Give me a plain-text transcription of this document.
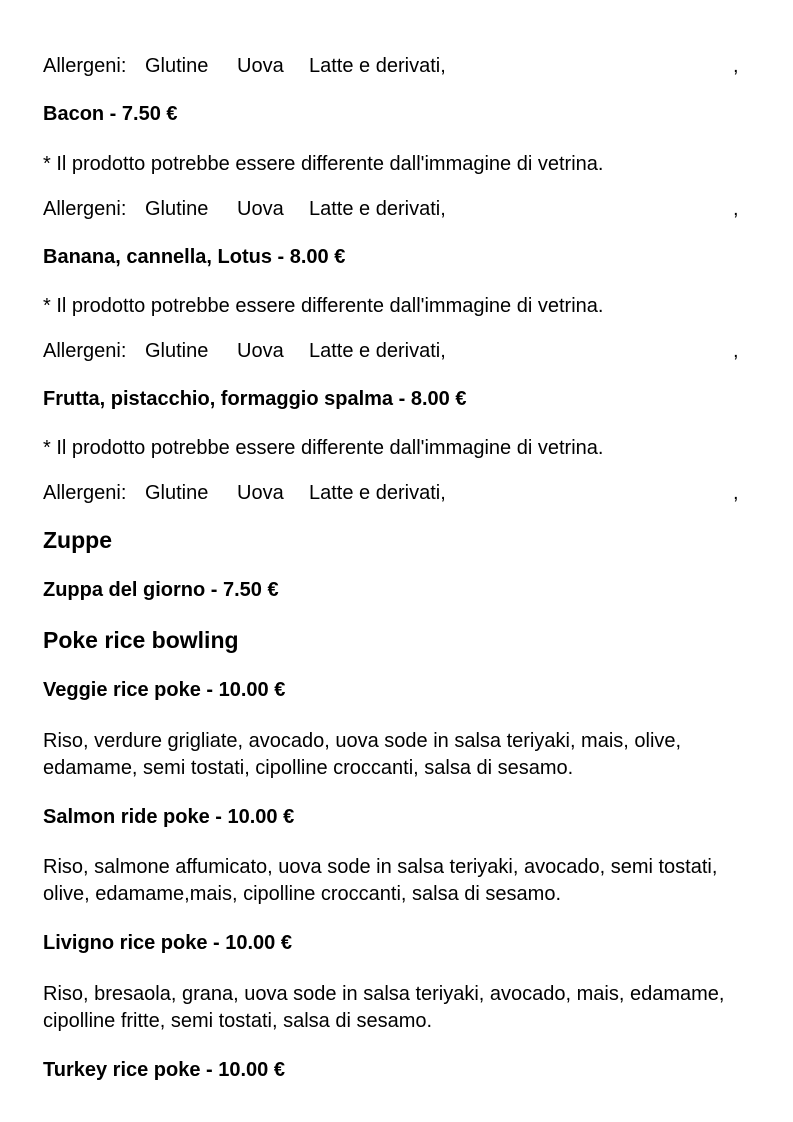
Allergeni: Glutine Uova Latte e derivati,	,
Bacon - 7.50 €
* Il prodotto potrebbe essere differente dall'immagine di vetrina.
Allergeni: Glutine Uova Latte e derivati,	,
Banana, cannella, Lotus - 8.00 €
* Il prodotto potrebbe essere differente dall'immagine di vetrina.
Allergeni: Glutine Uova Latte e derivati,	,
Frutta, pistacchio, formaggio spalma - 8.00 €
* Il prodotto potrebbe essere differente dall'immagine di vetrina.
Allergeni: Glutine Uova Latte e derivati,	,
Zuppe
Zuppa del giorno - 7.50 €
Poke rice bowling
Veggie rice poke - 10.00 €

Riso, verdure grigliate, avocado, uova sode in salsa teriyaki, mais, olive, edamame, semi tostati, cipolline croccanti, salsa di sesamo.

Salmon ride poke - 10.00 €

Riso, salmone affumicato, uova sode in salsa teriyaki, avocado, semi tostati, olive, edamame,mais, cipolline croccanti, salsa di sesamo.

Livigno rice poke - 10.00 €

Riso, bresaola, grana, uova sode in salsa teriyaki, avocado, mais, edamame, cipolline fritte, semi tostati, salsa di sesamo.

Turkey rice poke - 10.00 €
